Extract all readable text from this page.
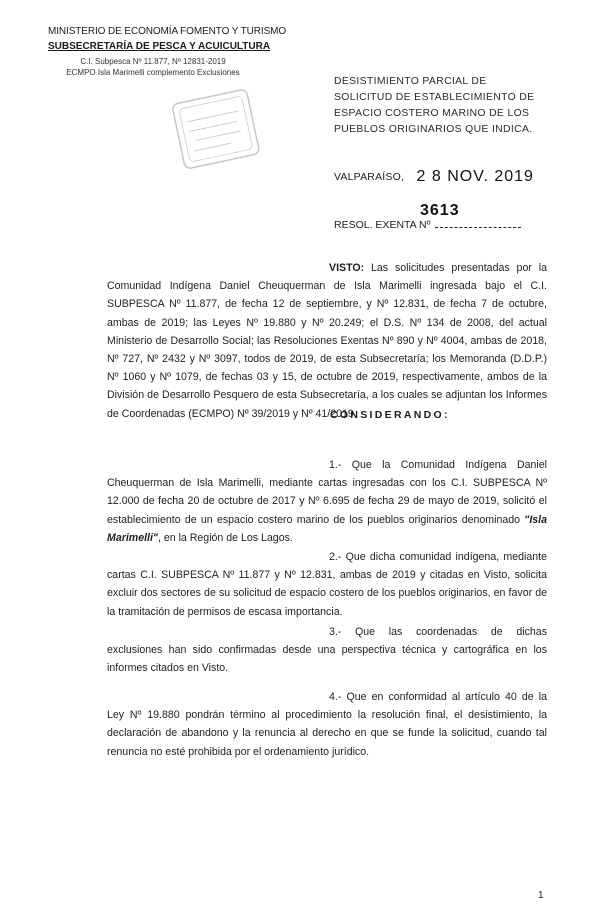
MINISTERIO DE ECONOMÍA FOMENTO Y TURISMO
SUBSECRETARÍA DE PESCA Y ACUICULTURA
C.I. Subpesca Nº 11.877, Nº 12831-2019
ECMPO Isla Marimelli complemento Exclusiones
DESISTIMIENTO PARCIAL DE SOLICITUD DE ESTABLECIMIENTO DE ESPACIO COSTERO MARINO DE LOS PUEBLOS ORIGINARIOS QUE INDICA.
VALPARAÍSO, 2 8 NOV. 2019
3613
RESOL. EXENTA Nº
VISTO: Las solicitudes presentadas por la Comunidad Indígena Daniel Cheuquerman de Isla Marimelli ingresada bajo el C.I. SUBPESCA Nº 11.877, de fecha 12 de septiembre, y Nº 12.831, de fecha 7 de octubre, ambas de 2019; las Leyes Nº 19.880 y Nº 20.249; el D.S. Nº 134 de 2008, del actual Ministerio de Desarrollo Social; las Resoluciones Exentas Nº 890 y Nº 4004, ambas de 2018, Nº 727, Nº 2432 y Nº 3097, todos de 2019, de esta Subsecretaría; los Memoranda (D.D.P.) Nº 1060 y Nº 1079, de fechas 03 y 15, de octubre de 2019, respectivamente, ambos de la División de Desarrollo Pesquero de esta Subsecretaría, a los cuales se adjuntan los Informes de Coordenadas (ECMPO) Nº 39/2019 y Nº 41/2019.
CONSIDERANDO:
1.- Que la Comunidad Indígena Daniel Cheuquerman de Isla Marimelli, mediante cartas ingresadas con los C.I. SUBPESCA Nº 12.000 de fecha 20 de octubre de 2017 y Nº 6.695 de fecha 29 de mayo de 2019, solicitó el establecimiento de un espacio costero marino de los pueblos originarios denominado "Isla Marimelli", en la Región de Los Lagos.
2.- Que dicha comunidad indígena, mediante cartas C.I. SUBPESCA Nº 11.877 y Nº 12.831, ambas de 2019 y citadas en Visto, solicita excluir dos sectores de su solicitud de espacio costero de los pueblos originarios, en favor de la tramitación de permisos de escasa importancia.
3.- Que las coordenadas de dichas exclusiones han sido confirmadas desde una perspectiva técnica y cartográfica en los informes citados en Visto.
4.- Que en conformidad al artículo 40 de la Ley Nº 19.880 pondrán término al procedimiento la resolución final, el desistimiento, la declaración de abandono y la renuncia al derecho en que se funde la solicitud, cuando tal renuncia no esté prohibida por el ordenamiento jurídico.
1
